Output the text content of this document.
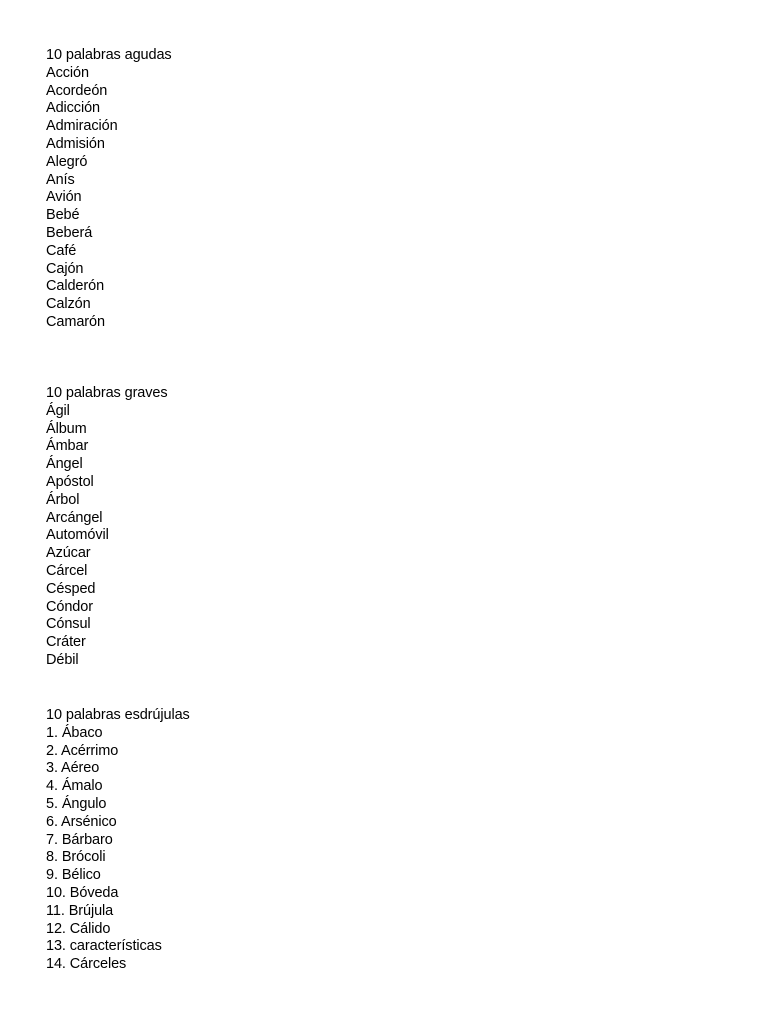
10 palabras agudas
Acción
Acordeón
Adicción
Admiración
Admisión
Alegró
Anís
Avión
Bebé
Beberá
Café
Cajón
Calderón
Calzón
Camarón
10 palabras graves
Ágil
Álbum
Ámbar
Ángel
Apóstol
Árbol
Arcángel
Automóvil
Azúcar
Cárcel
Césped
Cóndor
Cónsul
Cráter
Débil
10 palabras esdrújulas
1. Ábaco
2. Acérrimo
3. Aéreo
4. Ámalo
5. Ángulo
6. Arsénico
7. Bárbaro
8. Brócoli
9. Bélico
10. Bóveda
11. Brújula
12. Cálido
13. características
14. Cárceles
